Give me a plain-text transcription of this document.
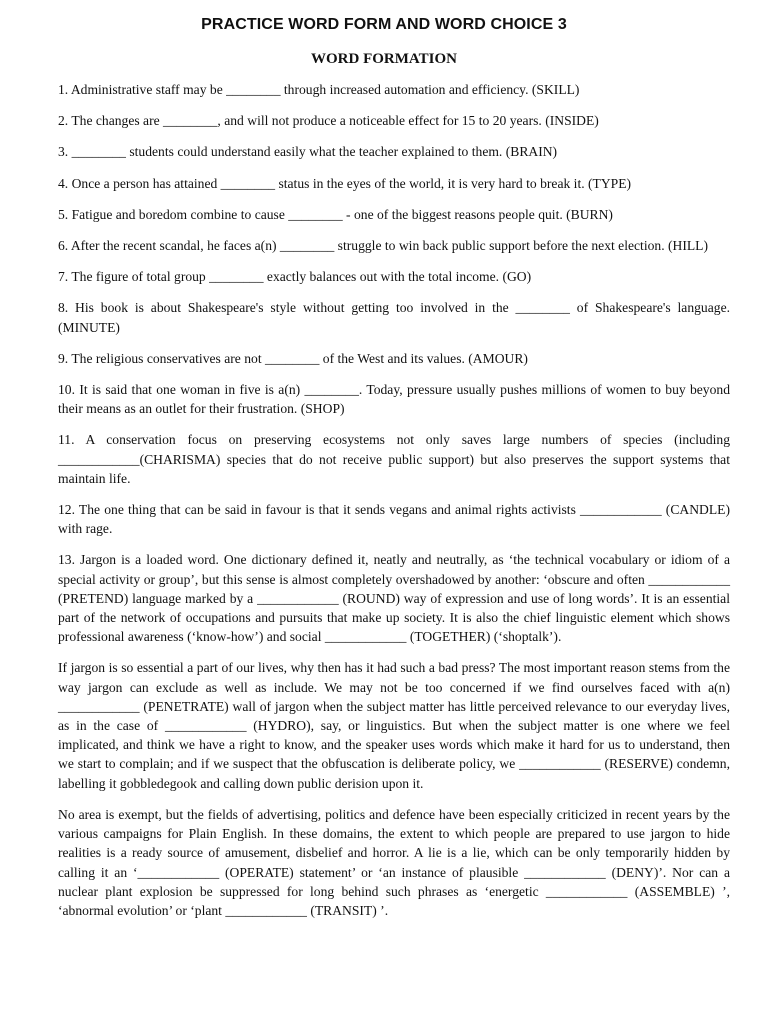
PRACTICE WORD FORM AND WORD CHOICE 3
WORD FORMATION

1. Administrative staff may be ________ through increased automation and efficiency. (SKILL)

2. The changes are ________, and will not produce a noticeable effect for 15 to 20 years. (INSIDE)

3. ________ students could understand easily what the teacher explained to them. (BRAIN)

4. Once a person has attained ________ status in the eyes of the world, it is very hard to break it. (TYPE)

5. Fatigue and boredom combine to cause ________ - one of the biggest reasons people quit. (BURN)

6. After the recent scandal, he faces a(n) ________ struggle to win back public support before the next election. (HILL)

7. The figure of total group ________ exactly balances out with the total income. (GO)

8. His book is about Shakespeare's style without getting too involved in the ________ of Shakespeare's language. (MINUTE)

9. The religious conservatives are not ________ of the West and its values. (AMOUR)

10. It is said that one woman in five is a(n) ________. Today, pressure usually pushes millions of women to buy beyond their means as an outlet for their frustration. (SHOP)

11. A conservation focus on preserving ecosystems not only saves large numbers of species (including ____________(CHARISMA) species that do not receive public support) but also preserves the support systems that maintain life.

12. The one thing that can be said in favour is that it sends vegans and animal rights activists ____________ (CANDLE) with rage.

13. Jargon is a loaded word. One dictionary defined it, neatly and neutrally, as ‘the technical vocabulary or idiom of a special activity or group’, but this sense is almost completely overshadowed by another: ‘obscure and often ____________ (PRETEND) language marked by a ____________ (ROUND) way of expression and use of long words’. It is an essential part of the network of occupations and pursuits that make up society. It is also the chief linguistic element which shows professional awareness (‘know-how’) and social ____________ (TOGETHER) (‘shoptalk’).

If jargon is so essential a part of our lives, why then has it had such a bad press? The most important reason stems from the way jargon can exclude as well as include. We may not be too concerned if we find ourselves faced with a(n) ____________ (PENETRATE) wall of jargon when the subject matter has little perceived relevance to our everyday lives, as in the case of ____________ (HYDRO), say, or linguistics. But when the subject matter is one where we feel implicated, and think we have a right to know, and the speaker uses words which make it hard for us to understand, then we start to complain; and if we suspect that the obfuscation is deliberate policy, we ____________ (RESERVE) condemn, labelling it gobbledegook and calling down public derision upon it.

No area is exempt, but the fields of advertising, politics and defence have been especially criticized in recent years by the various campaigns for Plain English. In these domains, the extent to which people are prepared to use jargon to hide realities is a ready source of amusement, disbelief and horror. A lie is a lie, which can be only temporarily hidden by calling it an ‘____________ (OPERATE) statement’ or ‘an instance of plausible ____________ (DENY)’. Nor can a nuclear plant explosion be suppressed for long behind such phrases as ‘energetic ____________ (ASSEMBLE) ’, ‘abnormal evolution’ or ‘plant ____________ (TRANSIT) ’.
